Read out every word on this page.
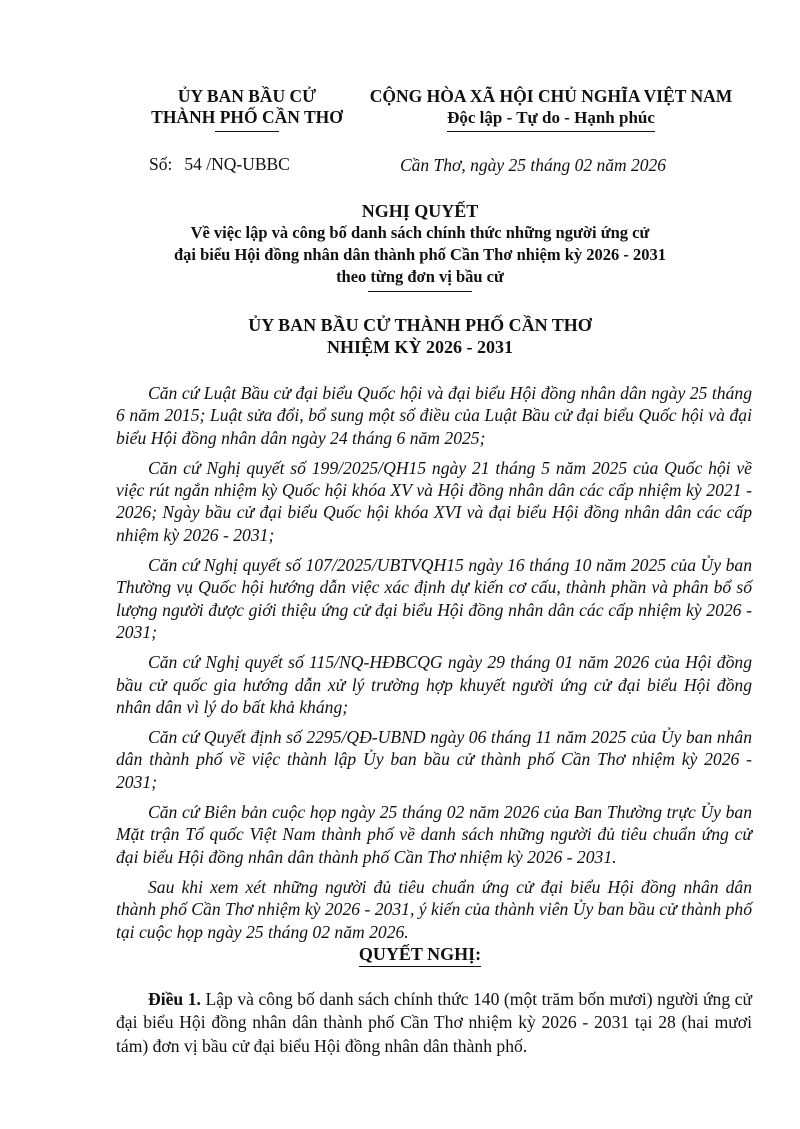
ỦY BAN BẦU CỬ
THÀNH PHỐ CẦN THƠ
CỘNG HÒA XÃ HỘI CHỦ NGHĨA VIỆT NAM
Độc lập - Tự do - Hạnh phúc
Số: 54 /NQ-UBBC	Cần Thơ, ngày 25 tháng 02 năm 2026
NGHỊ QUYẾT
Về việc lập và công bố danh sách chính thức những người ứng cử
đại biểu Hội đồng nhân dân thành phố Cần Thơ nhiệm kỳ 2026 - 2031
theo từng đơn vị bầu cử
ỦY BAN BẦU CỬ THÀNH PHỐ CẦN THƠ
NHIỆM KỲ 2026 - 2031

Căn cứ Luật Bầu cử đại biểu Quốc hội và đại biểu Hội đồng nhân dân ngày 25 tháng 6 năm 2015; Luật sửa đổi, bổ sung một số điều của Luật Bầu cử đại biểu Quốc hội và đại biểu Hội đồng nhân dân ngày 24 tháng 6 năm 2025;

Căn cứ Nghị quyết số 199/2025/QH15 ngày 21 tháng 5 năm 2025 của Quốc hội về việc rút ngắn nhiệm kỳ Quốc hội khóa XV và Hội đồng nhân dân các cấp nhiệm kỳ 2021 - 2026; Ngày bầu cử đại biểu Quốc hội khóa XVI và đại biểu Hội đồng nhân dân các cấp nhiệm kỳ 2026 - 2031;

Căn cứ Nghị quyết số 107/2025/UBTVQH15 ngày 16 tháng 10 năm 2025 của Ủy ban Thường vụ Quốc hội hướng dẫn việc xác định dự kiến cơ cấu, thành phần và phân bổ số lượng người được giới thiệu ứng cử đại biểu Hội đồng nhân dân các cấp nhiệm kỳ 2026 - 2031;

Căn cứ Nghị quyết số 115/NQ-HĐBCQG ngày 29 tháng 01 năm 2026 của Hội đồng bầu cử quốc gia hướng dẫn xử lý trường hợp khuyết người ứng cử đại biểu Hội đồng nhân dân vì lý do bất khả kháng;

Căn cứ Quyết định số 2295/QĐ-UBND ngày 06 tháng 11 năm 2025 của Ủy ban nhân dân thành phố về việc thành lập Ủy ban bầu cử thành phố Cần Thơ nhiệm kỳ 2026 - 2031;

Căn cứ Biên bản cuộc họp ngày 25 tháng 02 năm 2026 của Ban Thường trực Ủy ban Mặt trận Tổ quốc Việt Nam thành phố về danh sách những người đủ tiêu chuẩn ứng cử đại biểu Hội đồng nhân dân thành phố Cần Thơ nhiệm kỳ 2026 - 2031.

Sau khi xem xét những người đủ tiêu chuẩn ứng cử đại biểu Hội đồng nhân dân thành phố Cần Thơ nhiệm kỳ 2026 - 2031, ý kiến của thành viên Ủy ban bầu cử thành phố tại cuộc họp ngày 25 tháng 02 năm 2026.

QUYẾT NGHỊ:

Điều 1. Lập và công bố danh sách chính thức 140 (một trăm bốn mươi) người ứng cử đại biểu Hội đồng nhân dân thành phố Cần Thơ nhiệm kỳ 2026 - 2031 tại 28 (hai mươi tám) đơn vị bầu cử đại biểu Hội đồng nhân dân thành phố.
